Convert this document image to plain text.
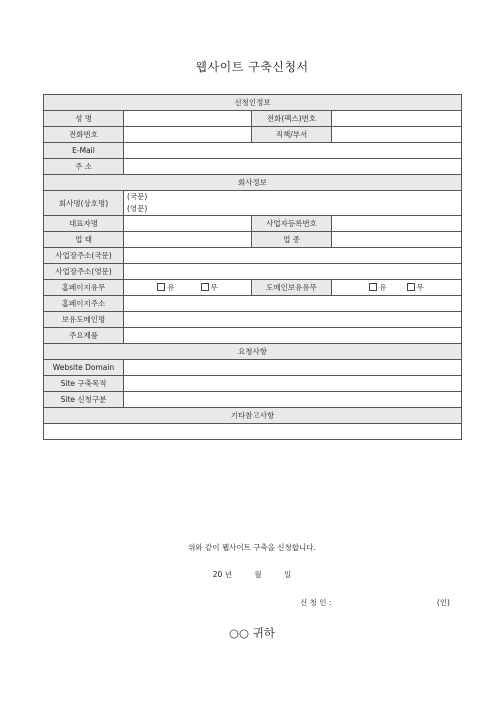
웹사이트 구축신청서
신청인정보			
성 명		전화(팩스)번호	
전화번호		직책/부서	
E-Mail			
주 소			
회사정보			
회사명(상호명)	(국문)
(영문)		

대표자명		사업자등록번호	
업 태		업 종	
사업장주소(국문)			
사업장주소(영문)			
홈페이지유무	유 무	도메인보유유무	유 무
홈페이지주소			
보유도메인명			
주요제품			
요청사항			
Website Domain			
Site 구축목적			
Site 신청구분			
기타참고사항			

위와 같이 웹사이트 구축을 신청합니다.
20 년	월	일
신 청 인 :	(인)
○○ 귀하
